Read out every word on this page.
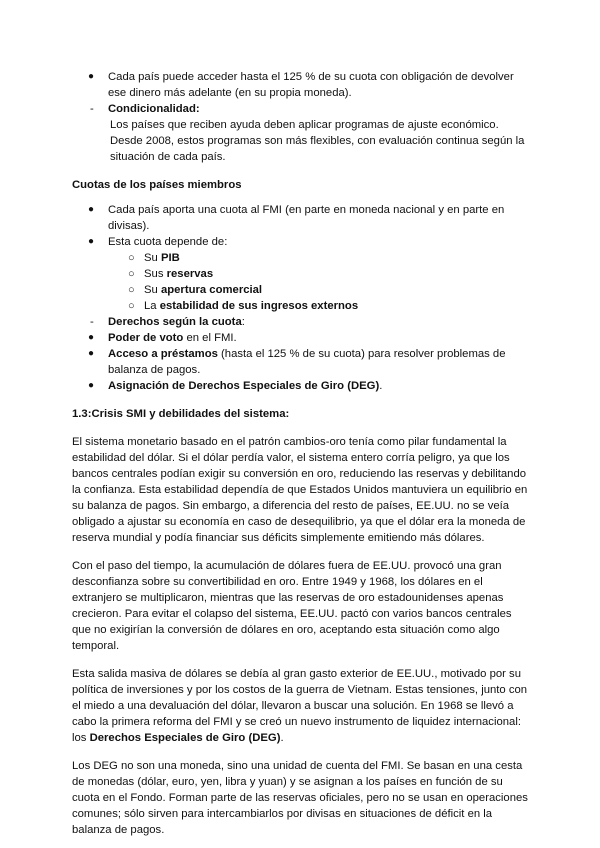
● Cada país puede acceder hasta el 125 % de su cuota con obligación de devolver ese dinero más adelante (en su propia moneda).
- Condicionalidad:
Los países que reciben ayuda deben aplicar programas de ajuste económico. Desde 2008, estos programas son más flexibles, con evaluación continua según la situación de cada país.
Cuotas de los países miembros
● Cada país aporta una cuota al FMI (en parte en moneda nacional y en parte en divisas).
● Esta cuota depende de:
○ Su PIB
○ Sus reservas
○ Su apertura comercial
○ La estabilidad de sus ingresos externos
- Derechos según la cuota:
● Poder de voto en el FMI.
● Acceso a préstamos (hasta el 125 % de su cuota) para resolver problemas de balanza de pagos.
● Asignación de Derechos Especiales de Giro (DEG).
1.3:Crisis SMI y debilidades del sistema:

El sistema monetario basado en el patrón cambios-oro tenía como pilar fundamental la estabilidad del dólar. Si el dólar perdía valor, el sistema entero corría peligro, ya que los bancos centrales podían exigir su conversión en oro, reduciendo las reservas y debilitando la confianza. Esta estabilidad dependía de que Estados Unidos mantuviera un equilibrio en su balanza de pagos. Sin embargo, a diferencia del resto de países, EE.UU. no se veía obligado a ajustar su economía en caso de desequilibrio, ya que el dólar era la moneda de reserva mundial y podía financiar sus déficits simplemente emitiendo más dólares.

Con el paso del tiempo, la acumulación de dólares fuera de EE.UU. provocó una gran desconfianza sobre su convertibilidad en oro. Entre 1949 y 1968, los dólares en el extranjero se multiplicaron, mientras que las reservas de oro estadounidenses apenas crecieron. Para evitar el colapso del sistema, EE.UU. pactó con varios bancos centrales que no exigirían la conversión de dólares en oro, aceptando esta situación como algo temporal.

Esta salida masiva de dólares se debía al gran gasto exterior de EE.UU., motivado por su política de inversiones y por los costos de la guerra de Vietnam. Estas tensiones, junto con el miedo a una devaluación del dólar, llevaron a buscar una solución. En 1968 se llevó a cabo la primera reforma del FMI y se creó un nuevo instrumento de liquidez internacional: los Derechos Especiales de Giro (DEG).

Los DEG no son una moneda, sino una unidad de cuenta del FMI. Se basan en una cesta de monedas (dólar, euro, yen, libra y yuan) y se asignan a los países en función de su cuota en el Fondo. Forman parte de las reservas oficiales, pero no se usan en operaciones comunes; sólo sirven para intercambiarlos por divisas en situaciones de déficit en la balanza de pagos.
